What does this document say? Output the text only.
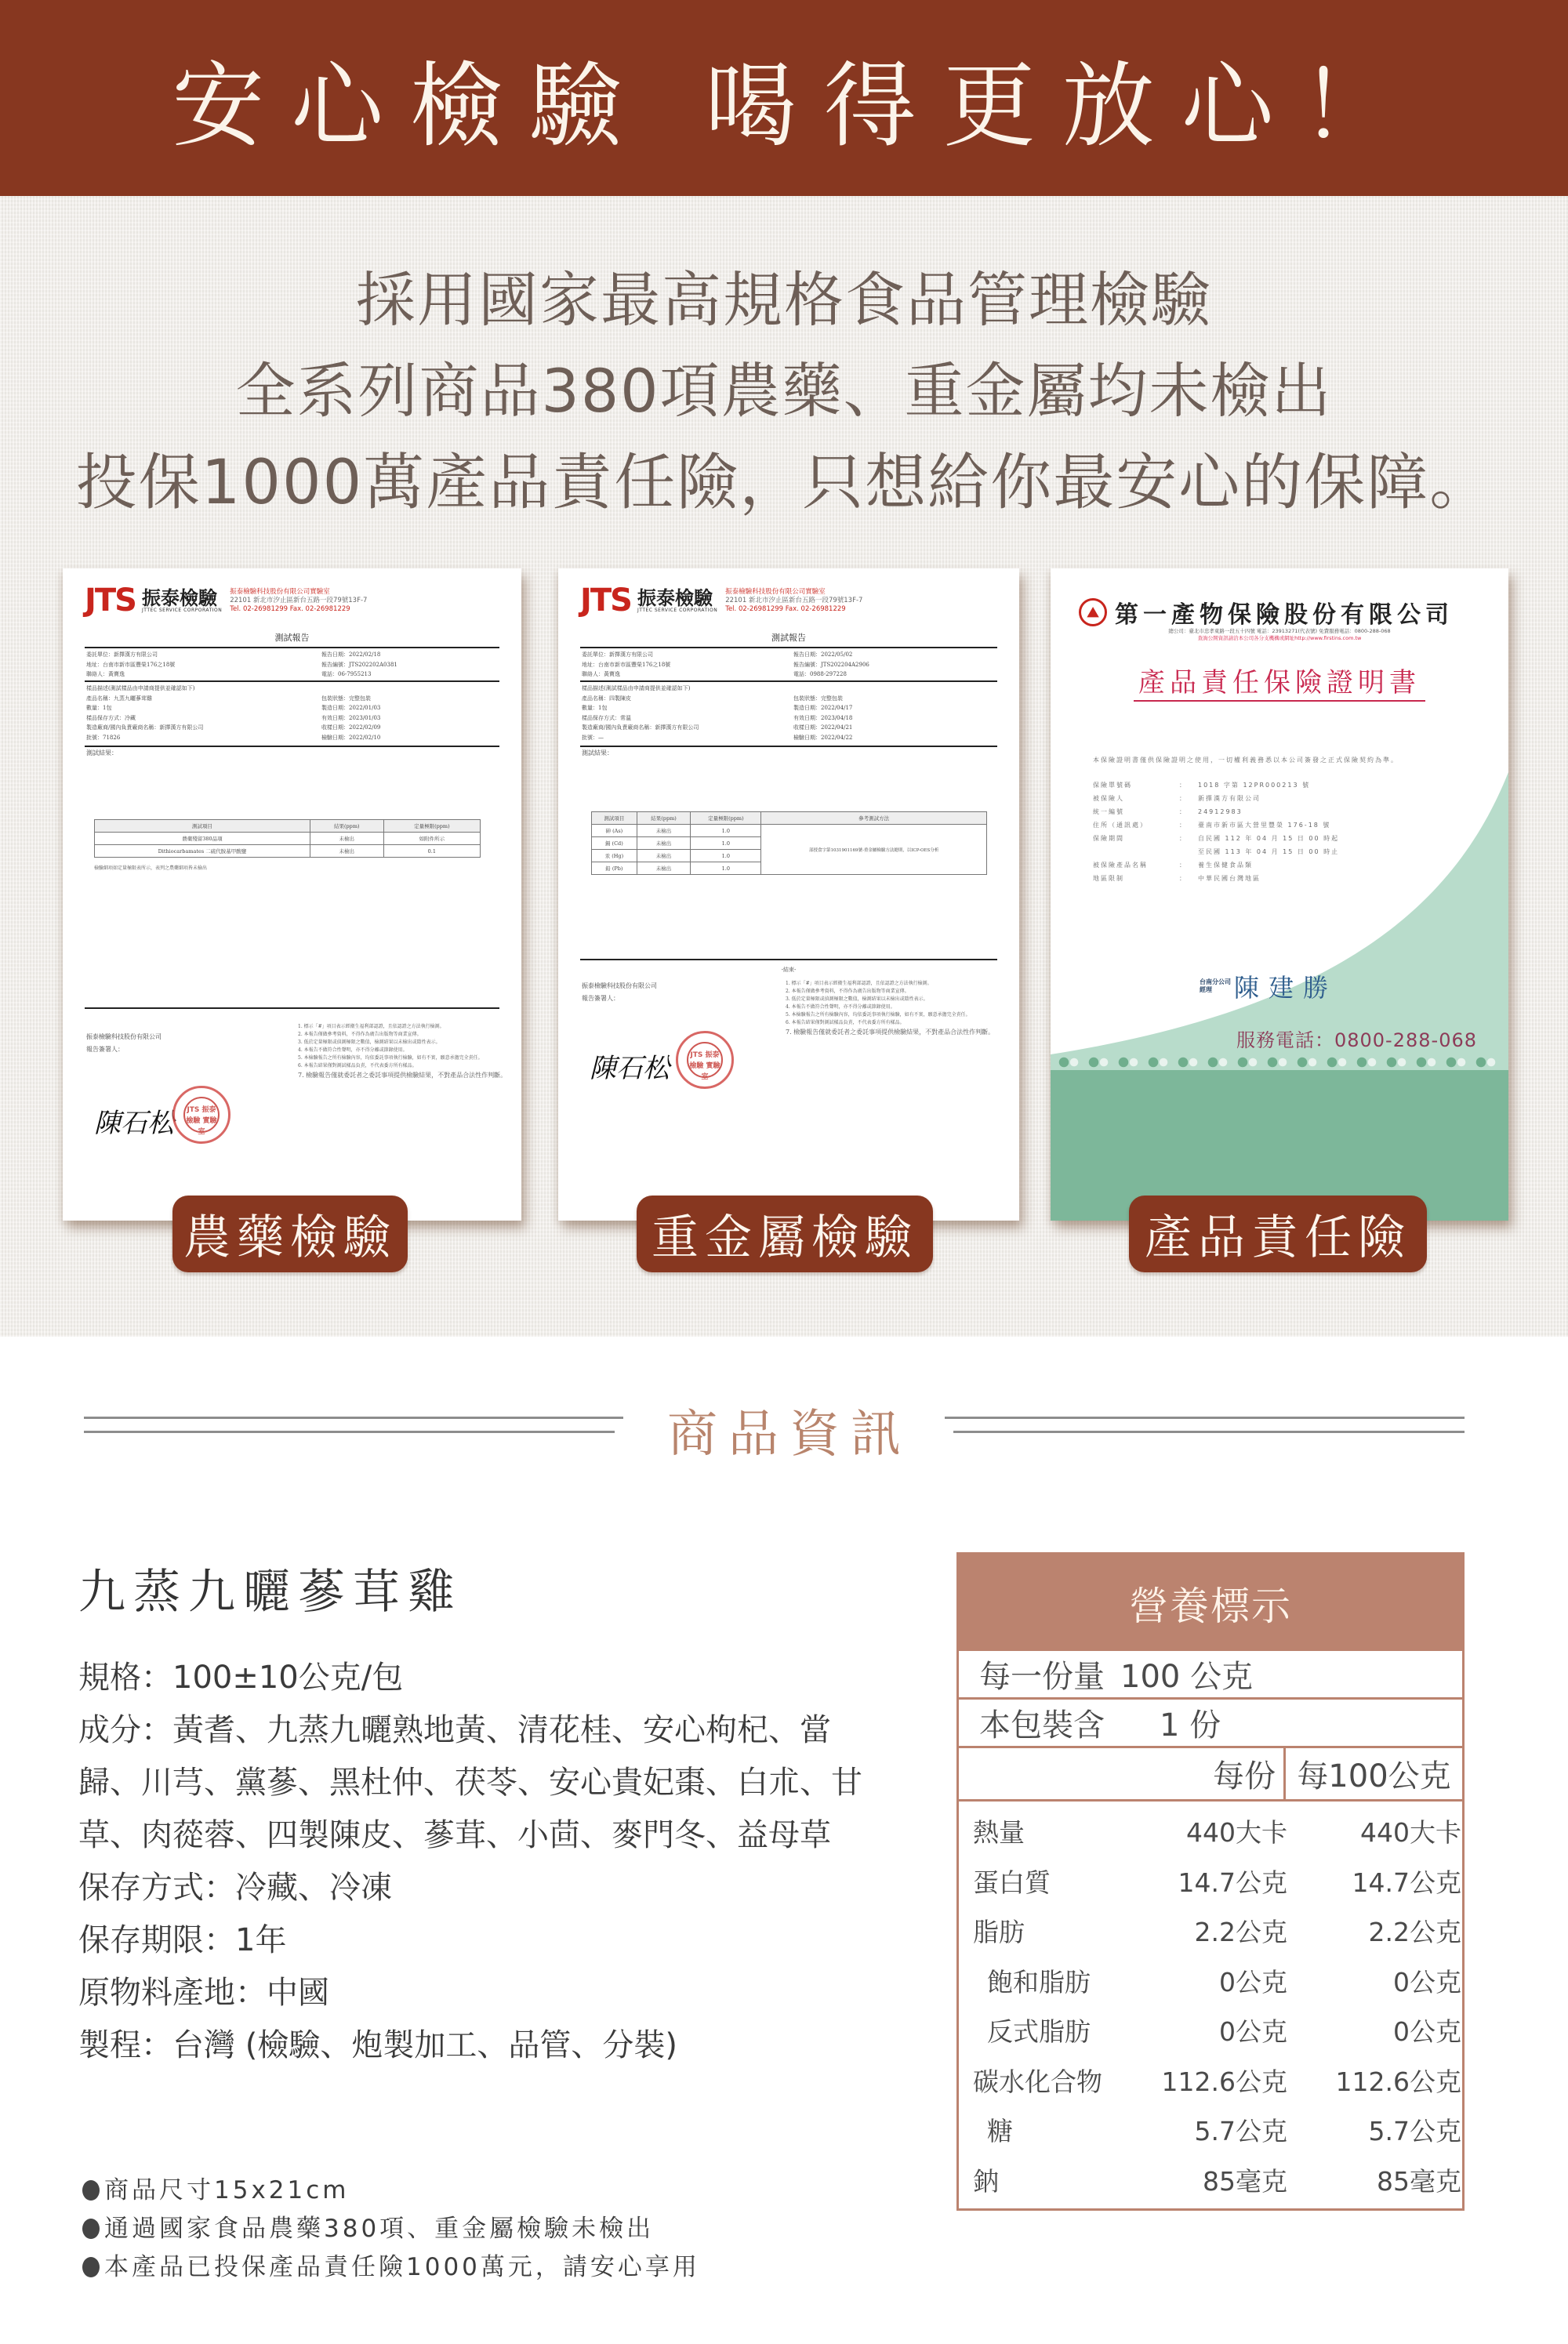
安心檢驗 喝得更放心！
採用國家最高規格食品管理檢驗
全系列商品380項農藥、重金屬均未檢出
投保1000萬產品責任險，只想給你最安心的保障。
JTS 振泰檢驗
JTTEC SERVICE CORPORATION
振泰檢驗科技股份有限公司實驗室
22101 新北市汐止區新台五路一段79號13F-7
Tel. 02-26981299 Fax. 02-26981229
測試報告
委託單位：新擇漢方有限公司
地址：台南市新市區豐榮176之18號
聯絡人：黃寶逸
報告日期：2022/02/18
報告編號：JTS202202A0381
電話：06-7955213
樣品描述(測試樣品由申請商提供並確認如下)
產品名稱：九蒸九曬蔘茸雞
數量：1包
樣品保存方式：冷藏
製造廠商/國內負責廠商名稱：新擇漢方有限公司
批號：71826
包裝狀態：完整包裝
製造日期：2022/01/03
有效日期：2023/01/03
收樣日期：2022/02/09
檢驗日期：2022/02/10
測試結果：
測試項目	結果(ppm)	定量極限(ppm)
農藥殘留380品項	未檢出	如附件所示
Dithiocarbamates 二硫代胺基甲酸鹽	未檢出	0.1
檢驗細項如定量極限表所示，表列之農藥細項皆未檢出
振泰檢驗科技股份有限公司
報告簽署人：
陳石松	JTS 振泰檢驗 實驗室
1. 標示「#」項目表示經衛生福利部認證，且依認證之方法執行檢測。
2. 本報告僅做參考資料，不得作為廣告出版物等商業宣傳。
3. 低於定量極限或偵測極限之數值，檢測結果以未檢出或陰性表示。
4. 本報告不做符合性聲明，亦不得分離或節錄使用。
5. 本檢驗報告之所有檢驗內容，均依委託事項執行檢驗，如有不實，願意承擔完全責任。
6. 本報告結果僅對測試樣品負責，不代表委方所有樣品。
7. 檢驗報告僅就委託者之委託事項提供檢驗結果，不對產品合法性作判斷。
JTS 振泰檢驗
JTTEC SERVICE CORPORATION
振泰檢驗科技股份有限公司實驗室
22101 新北市汐止區新台五路一段79號13F-7
Tel. 02-26981299 Fax. 02-26981229
測試報告
委託單位：新擇漢方有限公司
地址：台南市新市區豐榮176之18號
聯絡人：黃寶逸
報告日期：2022/05/02
報告編號：JTS202204A2906
電話：0988-297228
樣品描述(測試樣品由申請商提供並確認如下)
產品名稱：四製陳皮
數量：1包
樣品保存方式：常溫
製造廠商/國內負責廠商名稱：新擇漢方有限公司
批號：—
包裝狀態：完整包裝
製造日期：2022/04/17
有效日期：2023/04/18
收樣日期：2022/04/21
檢驗日期：2022/04/22
測試結果：
測試項目	結果(ppm)	定量極限(ppm)	參考測試方法
砷 (As)	未檢出	1.0	部授食字第1031901169號-重金屬檢驗方法總則，以ICP-OES分析
鎘 (Cd)	未檢出	1.0	
汞 (Hg)	未檢出	1.0	
鉛 (Pb)	未檢出	1.0	
-結束-
振泰檢驗科技股份有限公司
報告簽署人：
陳石松	JTS 振泰檢驗 實驗室
1. 標示「#」項目表示經衛生福利部認證，且依認證之方法執行檢測。
2. 本報告僅做參考資料，不得作為廣告出版物等商業宣傳。
3. 低於定量極限或偵測極限之數值，檢測結果以未檢出或陰性表示。
4. 本報告不做符合性聲明，亦不得分離或節錄使用。
5. 本檢驗報告之所有檢驗內容，均依委託事項執行檢驗，如有不實，願意承擔完全責任。
6. 本報告結果僅對測試樣品負責，不代表委方所有樣品。
7. 檢驗報告僅就委託者之委託事項提供檢驗結果，不對產品合法性作判斷。
⛰ 第一產物保險股份有限公司
總公司：臺北市忠孝東路一段五十四號 電話：23913271(代表號) 免費服務電話：0800-288-068
查詢公開資訊請洽本公司各分支機構或網址http://www.firstins.com.tw
產品責任保險證明書
本保險證明書僅供保險證明之使用，一切權利義務悉以本公司簽發之正式保險契約為準。
保險單號碼	：	1018 字第 12PR000213 號
被保險人	：	新擇漢方有限公司
統一編號	：	24912983
住所（通訊處）	：	臺南市新市區大營里豐榮 176-18 號
保險期間	：	自民國 112 年 04 月 15 日 00 時起
至民國 113 年 04 月 15 日 00 時止
被保險產品名稱	：	養生保健食品類
地區限制	：	中華民國台灣地區
台南分公司
經理 陳建勝
服務電話：0800-288-068
農藥檢驗	重金屬檢驗	產品責任險
商品資訊
九蒸九曬蔘茸雞
規格：100±10公克/包
成分：黃耆、九蒸九曬熟地黃、清花桂、安心枸杞、當歸、川芎、黨蔘、黑杜仲、茯苓、安心貴妃棗、白朮、甘草、肉蓯蓉、四製陳皮、蔘茸、小茴、麥門冬、益母草
保存方式：冷藏、冷凍
保存期限：1年
原物料產地：中國
製程：台灣 (檢驗、炮製加工、品管、分裝)
商品尺寸15x21cm
通過國家食品農藥380項、重金屬檢驗未檢出
本產品已投保產品責任險1000萬元，請安心享用
營養標示
每一份量 100 公克
本包裝含 1 份
每份 每100公克
熱量	440大卡	440大卡
蛋白質	14.7公克	14.7公克
脂肪	2.2公克	2.2公克
飽和脂肪	0公克	0公克
反式脂肪	0公克	0公克
碳水化合物	112.6公克	112.6公克
糖	5.7公克	5.7公克
鈉	85毫克	85毫克
